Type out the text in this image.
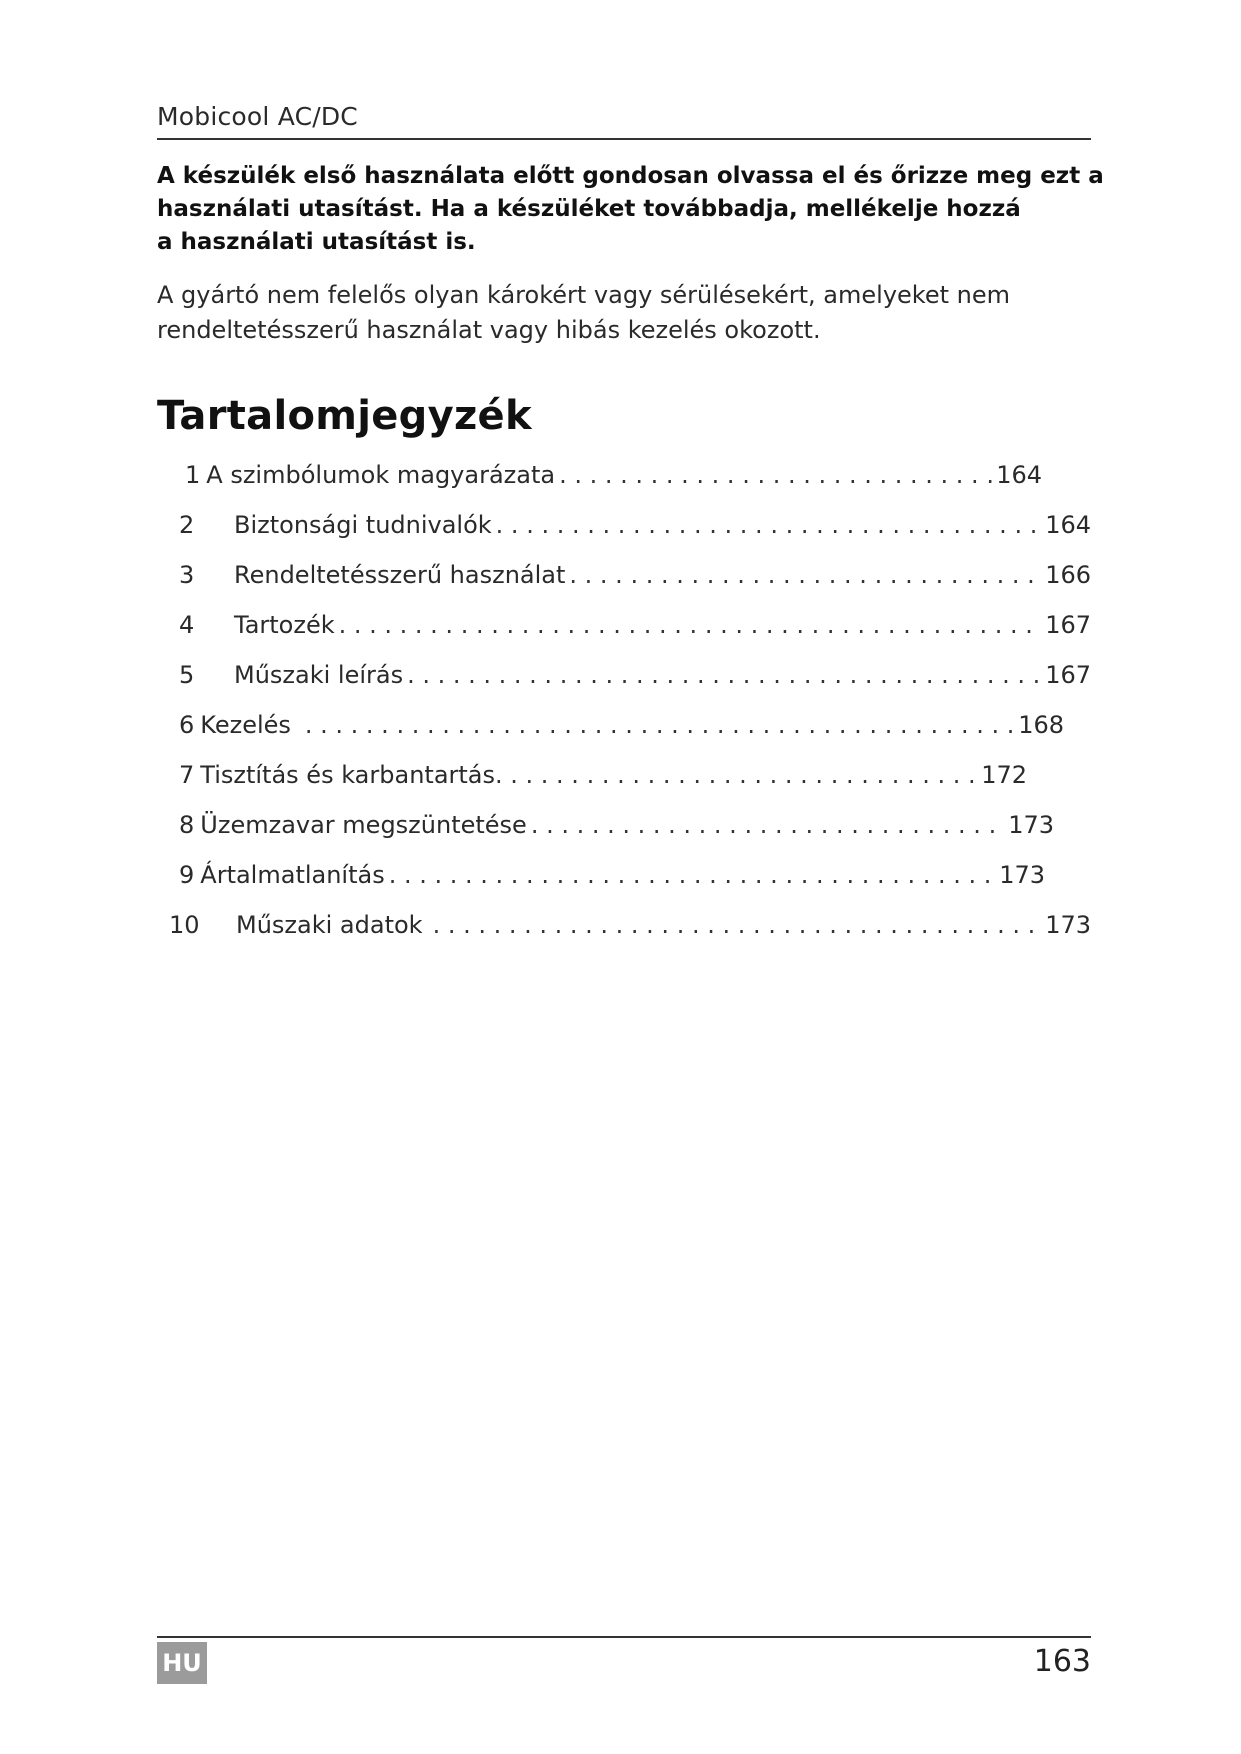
Mobicool AC/DC
A készülék első használata előtt gondosan olvassa el és őrizze meg ezt a
használati utasítást. Ha a készüléket továbbadja, mellékelje hozzá
a használati utasítást is.
A gyártó nem felelős olyan károkért vagy sérülésekért, amelyeket nem
rendeltetésszerű használat vagy hibás kezelés okozott.
Tartalomjegyzék
1 A szimbólumok magyarázata . . .	164
2	Biztonsági tudnivalók . . .	164
3	Rendeltetésszerű használat . . .	166
4	Tartozék . . .	167
5	Műszaki leírás . . .	167
6 Kezelés . . .	168
7 Tisztítás és karbantartás . . .	172
8 Üzemzavar megszüntetése . . .	173
9 Ártalmatlanítás . . .	173
10	Műszaki adatok . . .	173
HU	163
